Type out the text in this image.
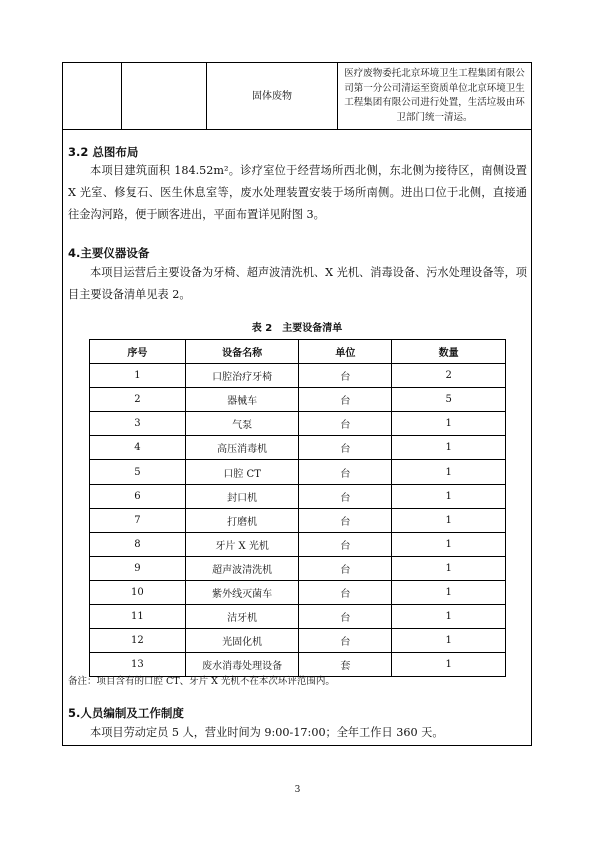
		固体废物	医疗废物委托北京环境卫生工程集团有限公司第一分公司清运至资质单位北京环境卫生工程集团有限公司进行处置，生活垃圾由环卫部门统一清运。
3.2 总图布局

本项目建筑面积 184.52m²。诊疗室位于经营场所西北侧，东北侧为接待区，南侧设置 X 光室、修复石、医生休息室等，废水处理装置安装于场所南侧。进出口位于北侧，直接通往金沟河路，便于顾客进出，平面布置详见附图 3。

4.主要仪器设备

本项目运营后主要设备为牙椅、超声波清洗机、X 光机、消毒设备、污水处理设备等，项目主要设备清单见表 2。

表 2　主要设备清单
序号	设备名称	单位	数量
1	口腔治疗牙椅	台	2
2	器械车	台	5
3	气泵	台	1
4	高压消毒机	台	1
5	口腔 CT	台	1
6	封口机	台	1
7	打磨机	台	1
8	牙片 X 光机	台	1
9	超声波清洗机	台	1
10	紫外线灭菌车	台	1
11	洁牙机	台	1
12	光固化机	台	1
13	废水消毒处理设备	套	1
备注：项目含有的口腔 CT、牙片 X 光机不在本次环评范围内。
5.人员编制及工作制度

本项目劳动定员 5 人，营业时间为 9:00-17:00；全年工作日 360 天。

3
